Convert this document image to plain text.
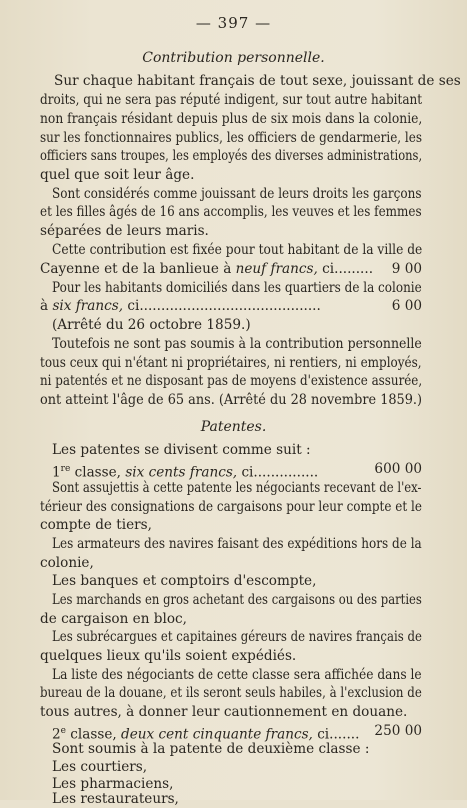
— 397 —
Contribution personnelle.
Sur chaque habitant français de tout sexe, jouissant de ses
droits, qui ne sera pas réputé indigent, sur tout autre habitant
non français résidant depuis plus de six mois dans la colonie,
sur les fonctionnaires publics, les officiers de gendarmerie, les
officiers sans troupes, les employés des diverses administrations,
quel que soit leur âge.
Sont considérés comme jouissant de leurs droits les garçons
et les filles âgés de 16 ans accomplis, les veuves et les femmes
séparées de leurs maris.
Cette contribution est fixée pour tout habitant de la ville de
Cayenne et de la banlieue à neuf francs, ci.........	9 00
Pour les habitants domiciliés dans les quartiers de la colonie
à six francs, ci..........................................	6 00
(Arrêté du 26 octobre 1859.)
Toutefois ne sont pas soumis à la contribution personnelle
tous ceux qui n'étant ni propriétaires, ni rentiers, ni employés,
ni patentés et ne disposant pas de moyens d'existence assurée,
ont atteint l'âge de 65 ans. (Arrêté du 28 novembre 1859.)
Patentes.
Les patentes se divisent comme suit :
1re classe, six cents francs, ci...............	600 00
Sont assujettis à cette patente les négociants recevant de l'ex-
térieur des consignations de cargaisons pour leur compte et le
compte de tiers,
Les armateurs des navires faisant des expéditions hors de la
colonie,
Les banques et comptoirs d'escompte,
Les marchands en gros achetant des cargaisons ou des parties
de cargaison en bloc,
Les subrécargues et capitaines géreurs de navires français de
quelques lieux qu'ils soient expédiés.
La liste des négociants de cette classe sera affichée dans le
bureau de la douane, et ils seront seuls habiles, à l'exclusion de
tous autres, à donner leur cautionnement en douane.
2e classe, deux cent cinquante francs, ci.......	250 00
Sont soumis à la patente de deuxième classe :
Les courtiers,
Les pharmaciens,
Les restaurateurs,
